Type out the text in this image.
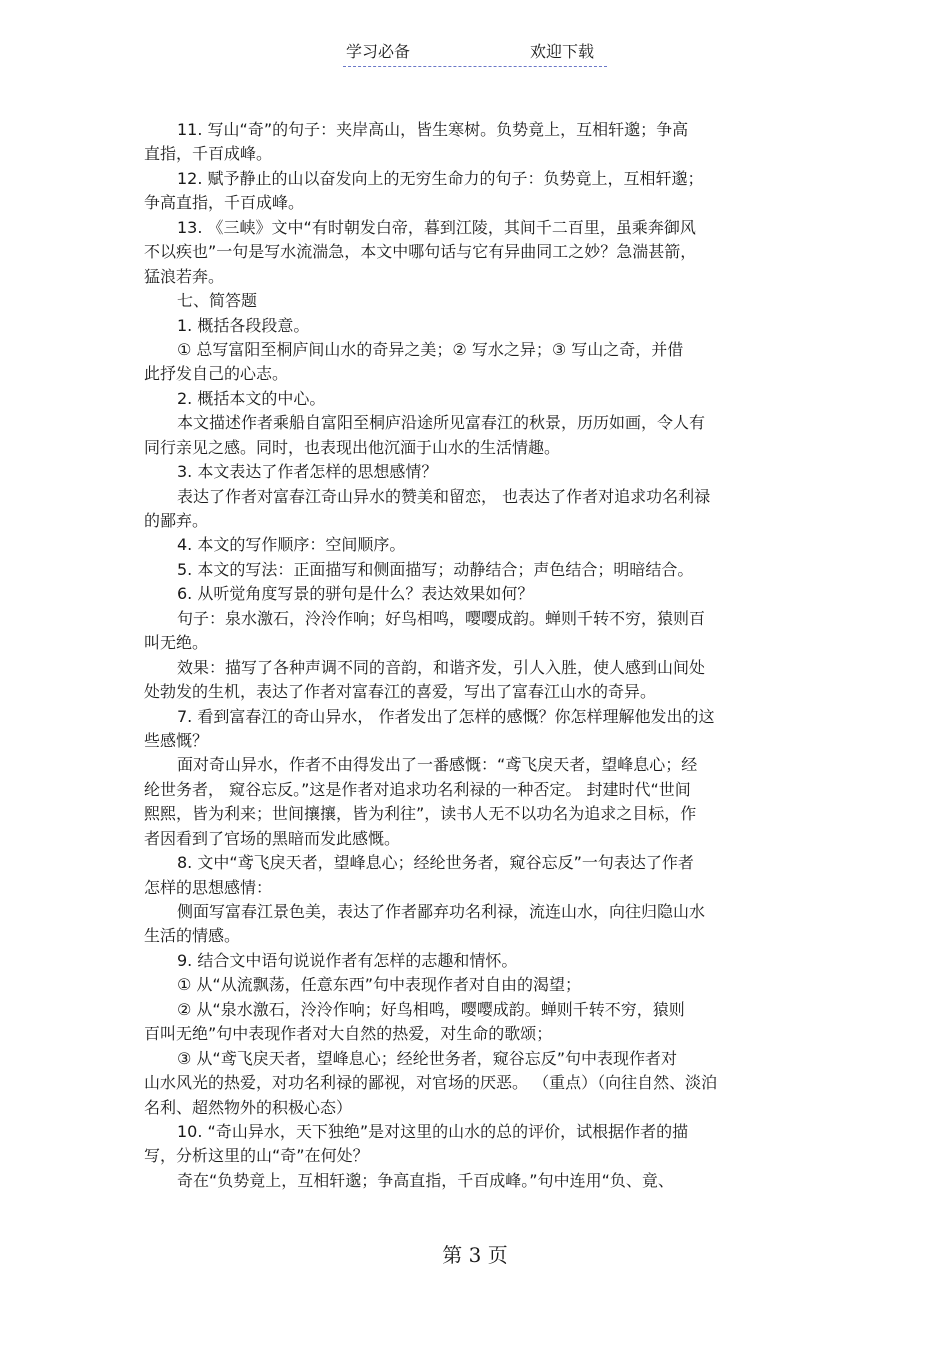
学习必备	欢迎下载
11. 写山“奇”的句子：夹岸高山，皆生寒树。负势竟上，互相轩邈；争高
直指，千百成峰。
12. 赋予静止的山以奋发向上的无穷生命力的句子：负势竟上，互相轩邈；
争高直指，千百成峰。
13. 《三峡》文中“有时朝发白帝，暮到江陵，其间千二百里，虽乘奔御风
不以疾也”一句是写水流湍急，本文中哪句话与它有异曲同工之妙？急湍甚箭，
猛浪若奔。
七、简答题
1. 概括各段段意。
① 总写富阳至桐庐间山水的奇异之美；② 写水之异；③ 写山之奇，并借
此抒发自己的心志。
2. 概括本文的中心。
本文描述作者乘船自富阳至桐庐沿途所见富春江的秋景，历历如画，令人有
同行亲见之感。同时，也表现出他沉湎于山水的生活情趣。
3. 本文表达了作者怎样的思想感情？
表达了作者对富春江奇山异水的赞美和留恋， 也表达了作者对追求功名利禄
的鄙弃。
4. 本文的写作顺序：空间顺序。
5. 本文的写法：正面描写和侧面描写；动静结合；声色结合；明暗结合。
6. 从听觉角度写景的骈句是什么？表达效果如何？
句子：泉水激石，泠泠作响；好鸟相鸣，嘤嘤成韵。蝉则千转不穷，猿则百
叫无绝。
效果：描写了各种声调不同的音韵，和谐齐发，引人入胜，使人感到山间处
处勃发的生机，表达了作者对富春江的喜爱，写出了富春江山水的奇异。
7. 看到富春江的奇山异水， 作者发出了怎样的感慨？你怎样理解他发出的这
些感慨？
面对奇山异水，作者不由得发出了一番感慨：“鸢飞戾天者，望峰息心；经
纶世务者， 窥谷忘反。”这是作者对追求功名利禄的一种否定。 封建时代“世间
熙熙，皆为利来；世间攘攘，皆为利往”，读书人无不以功名为追求之目标，作
者因看到了官场的黑暗而发此感慨。
8. 文中“鸢飞戾天者，望峰息心；经纶世务者，窥谷忘反”一句表达了作者
怎样的思想感情：
侧面写富春江景色美，表达了作者鄙弃功名利禄，流连山水，向往归隐山水
生活的情感。
9. 结合文中语句说说作者有怎样的志趣和情怀。
① 从“从流飘荡，任意东西”句中表现作者对自由的渴望；
② 从“泉水激石，泠泠作响；好鸟相鸣，嘤嘤成韵。蝉则千转不穷，猿则
百叫无绝”句中表现作者对大自然的热爱，对生命的歌颂；
③ 从“鸢飞戾天者，望峰息心；经纶世务者，窥谷忘反”句中表现作者对
山水风光的热爱，对功名利禄的鄙视，对官场的厌恶。 （重点）（向往自然、淡泊
名利、超然物外的积极心态）
10. “奇山异水，天下独绝”是对这里的山水的总的评价，试根据作者的描
写，分析这里的山“奇”在何处？
奇在“负势竟上，互相轩邈；争高直指，千百成峰。”句中连用“负、竟、
第 3 页
